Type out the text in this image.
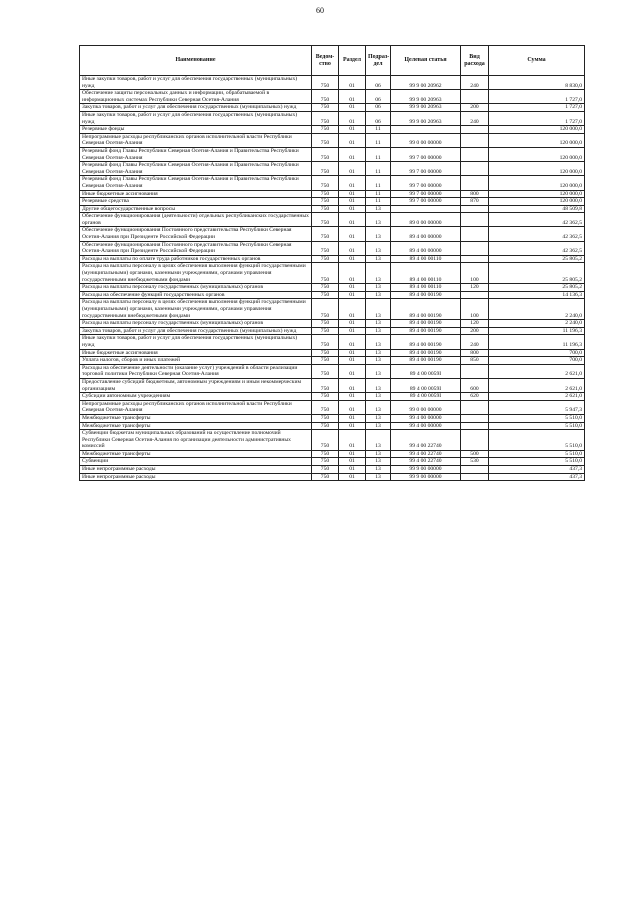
60
Наименование	Ведом-ство	Раздел	Подраз-дел	Целевая статья	Вид расхода	Сумма
Иные закупки товаров, работ и услуг для обеспечения государственных (муниципальных) нужд	750	01	06	99 9 00 20962	240	8 830,0
Обеспечение защиты персональных данных и информации, обрабатываемой в информационных системах Республики Северная Осетия-Алания	750	01	06	99 9 00 20963		1 727,0
Закупка товаров, работ и услуг для обеспечения государственных (муниципальных) нужд	750	01	06	99 9 00 20963	200	1 727,0
Иные закупки товаров, работ и услуг для обеспечения государственных (муниципальных) нужд	750	01	06	99 9 00 20963	240	1 727,0
Резервные фонды	750	01	11			120 000,0
Непрограммные расходы республиканских органов исполнительной власти Республики Северная Осетия-Алания	750	01	11	99 0 00 00000		120 000,0
Резервный фонд Главы Республики Северная Осетия-Алания и Правительства Республики Северная Осетия-Алания	750	01	11	99 7 00 00000		120 000,0
Резервный фонд Главы Республики Северная Осетия-Алания и Правительства Республики Северная Осетия-Алания	750	01	11	99 7 00 00000		120 000,0
Резервный фонд Главы Республики Северная Осетия-Алания и Правительства Республики Северная Осетия-Алания	750	01	11	99 7 00 00000		120 000,0
Иные бюджетные ассигнования	750	01	11	99 7 00 00000	800	120 000,0
Резервные средства	750	01	11	99 7 00 00000	870	120 000,0
Другие общегосударственные вопросы	750	01	13			48 509,8
Обеспечение функционирования (деятельности) отдельных республиканских государственных органов	750	01	13	89 0 00 00000		42 362,5
Обеспечение функционирования Постоянного представительства Республики Северная Осетия-Алания при Президенте Российской Федерации	750	01	13	89 4 00 00000		42 362,5
Обеспечение функционирования Постоянного представительства Республики Северная Осетия-Алания при Президенте Российской Федерации	750	01	13	89 4 00 00000		42 362,5
Расходы на выплаты по оплате труда работников государственных органов	750	01	13	89 4 00 00110		25 805,2
Расходы на выплаты персоналу в целях обеспечения выполнения функций государственными (муниципальными) органами, казенными учреждениями, органами управления государственными внебюджетными фондами	750	01	13	89 4 00 00110	100	25 805,2
Расходы на выплаты персоналу государственных (муниципальных) органов	750	01	13	89 4 00 00110	120	25 805,2
Расходы на обеспечение функций государственных органов	750	01	13	89 4 00 00190		14 136,3
Расходы на выплаты персоналу в целях обеспечения выполнения функций государственными (муниципальными) органами, казенными учреждениями, органами управления государственными внебюджетными фондами	750	01	13	89 4 00 00190	100	2 240,0
Расходы на выплаты персоналу государственных (муниципальных) органов	750	01	13	89 4 00 00190	120	2 240,0
Закупка товаров, работ и услуг для обеспечения государственных (муниципальных) нужд	750	01	13	89 4 00 00190	200	11 196,3
Иные закупки товаров, работ и услуг для обеспечения государственных (муниципальных) нужд	750	01	13	89 4 00 00190	240	11 196,3
Иные бюджетные ассигнования	750	01	13	89 4 00 00190	800	700,0
Уплата налогов, сборов и иных платежей	750	01	13	89 4 00 00190	850	700,0
Расходы на обеспечение деятельности (оказание услуг) учреждений в области реализации торговой политики Республики Северная Осетия-Алания	750	01	13	89 4 00 0059I		2 621,0
Предоставление субсидий бюджетным, автономным учреждениям и иным некоммерческим организациям	750	01	13	89 4 00 0059I	600	2 621,0
Субсидии автономным учреждениям	750	01	13	89 4 00 0059I	620	2 621,0
Непрограммные расходы республиканских органов исполнительной власти Республики Северная Осетия-Алания	750	01	13	99 0 00 00000		5 947,3
Межбюджетные трансферты	750	01	13	99 4 00 00000		5 510,0
Межбюджетные трансферты	750	01	13	99 4 00 00000		5 510,0
Субвенции бюджетам муниципальных образований на осуществление полномочий Республики Северная Осетия-Алания по организации деятельности административных комиссий	750	01	13	99 4 00 22740		5 510,0
Межбюджетные трансферты	750	01	13	99 4 00 22740	500	5 510,0
Субвенции	750	01	13	99 4 00 22740	530	5 510,0
Иные непрограммные расходы	750	01	13	99 9 00 00000		437,3
Иные непрограммные расходы	750	01	13	99 9 00 00000		437,3
